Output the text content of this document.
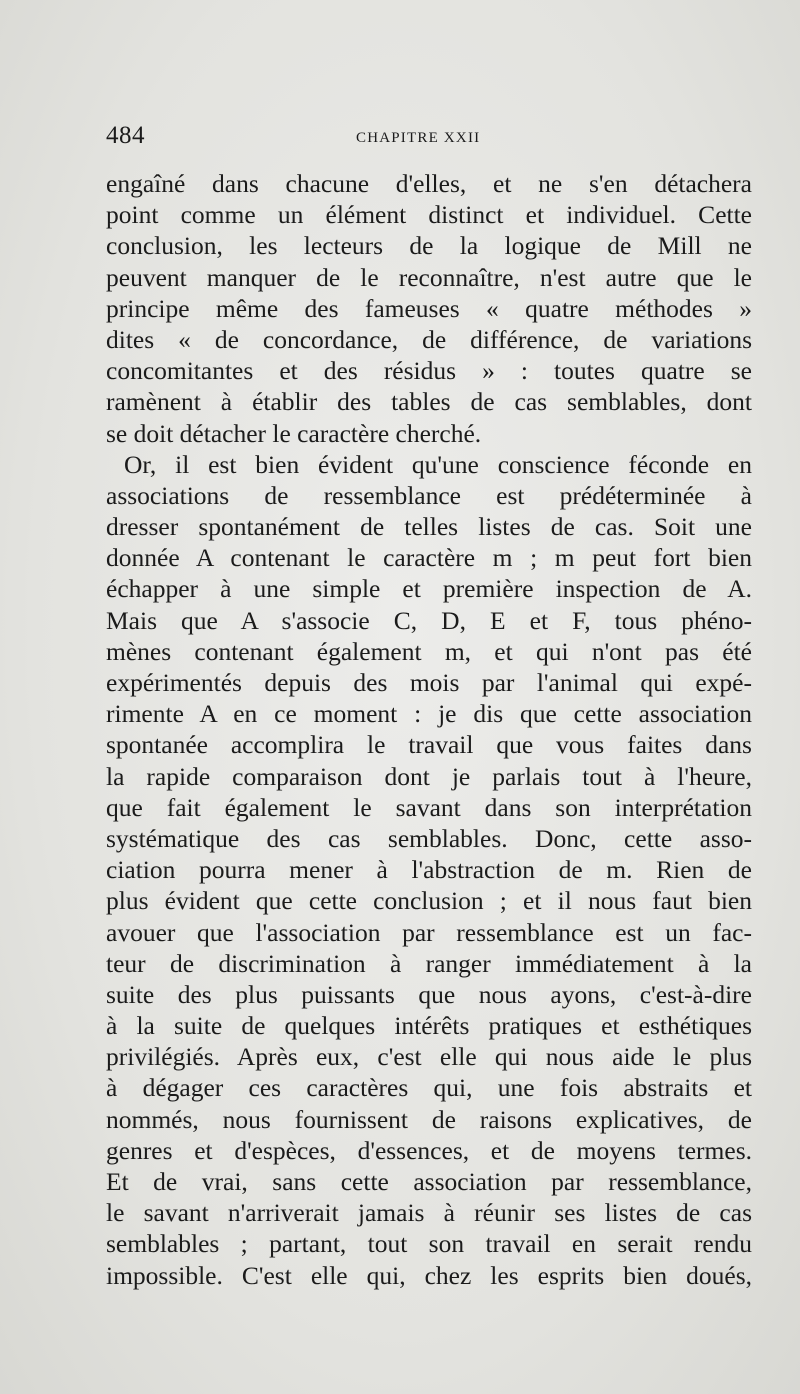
484	CHAPITRE XXII
engaîné dans chacune d'elles, et ne s'en détachera
point comme un élément distinct et individuel. Cette
conclusion, les lecteurs de la logique de Mill ne
peuvent manquer de le reconnaître, n'est autre que le
principe même des fameuses « quatre méthodes »
dites « de concordance, de différence, de variations
concomitantes et des résidus » : toutes quatre se
ramènent à établir des tables de cas semblables, dont
se doit détacher le caractère cherché.
Or, il est bien évident qu'une conscience féconde en
associations de ressemblance est prédéterminée à
dresser spontanément de telles listes de cas. Soit une
donnée A contenant le caractère m ; m peut fort bien
échapper à une simple et première inspection de A.
Mais que A s'associe C, D, E et F, tous phéno-
mènes contenant également m, et qui n'ont pas été
expérimentés depuis des mois par l'animal qui expé-
rimente A en ce moment : je dis que cette association
spontanée accomplira le travail que vous faites dans
la rapide comparaison dont je parlais tout à l'heure,
que fait également le savant dans son interprétation
systématique des cas semblables. Donc, cette asso-
ciation pourra mener à l'abstraction de m. Rien de
plus évident que cette conclusion ; et il nous faut bien
avouer que l'association par ressemblance est un fac-
teur de discrimination à ranger immédiatement à la
suite des plus puissants que nous ayons, c'est-à-dire
à la suite de quelques intérêts pratiques et esthétiques
privilégiés. Après eux, c'est elle qui nous aide le plus
à dégager ces caractères qui, une fois abstraits et
nommés, nous fournissent de raisons explicatives, de
genres et d'espèces, d'essences, et de moyens termes.
Et de vrai, sans cette association par ressemblance,
le savant n'arriverait jamais à réunir ses listes de cas
semblables ; partant, tout son travail en serait rendu
impossible. C'est elle qui, chez les esprits bien doués,
